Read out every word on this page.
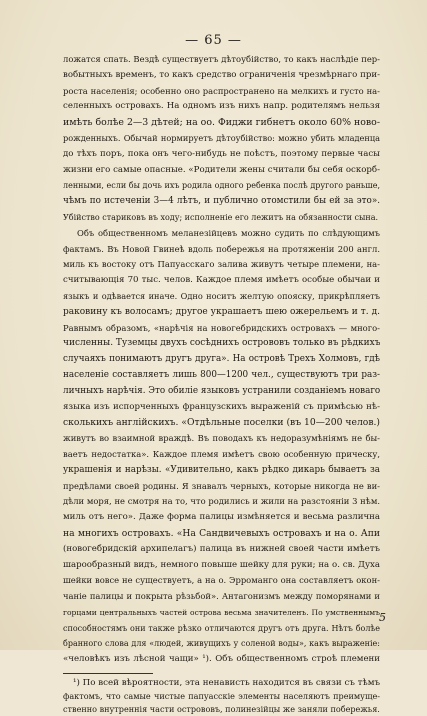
— 65 —
ложатся спать. Вездѣ существуетъ дѣтоубійство, то какъ наслѣдіе пер-
вобытныхъ временъ, то какъ средство ограниченія чрезмѣрнаго при-
роста населенія; особенно оно распространено на мелкихъ и густо на-
селенныхъ островахъ. На одномъ изъ нихъ напр. родителямъ нельзя
имѣть болѣе 2—3 дѣтей; на оо. Фиджи гибнетъ около 60% ново-
рожденныхъ. Обычай нормируетъ дѣтоубійство: можно убить младенца
до тѣхъ поръ, пока онъ чего-нибудь не поѣстъ, поэтому первые часы
жизни его самые опасные. «Родители жены считали бы себя оскорб-
ленными, если бы дочь ихъ родила одного ребенка послѣ другого раньше,
чѣмъ по истеченіи 3—4 лѣтъ, и публично отомстили бы ей за это».
Убійство стариковъ въ ходу; исполненіе его лежитъ на обязанности сына.
Объ общественномъ меланезійцевъ можно судить по слѣдующимъ
фактамъ. Въ Новой Гвинеѣ вдоль побережья на протяженіи 200 англ.
миль къ востоку отъ Папуасскаго залива живутъ четыре племени, на-
считывающія 70 тыс. челов. Каждое племя имѣетъ особые обычаи и
языкъ и одѣвается иначе. Одно носитъ желтую опояску, прикрѣпляетъ
раковину къ волосамъ; другое украшаетъ шею ожерельемъ и т. д.
Равнымъ образомъ, «нарѣчія на новогебридскихъ островахъ — много-
численны. Туземцы двухъ сосѣднихъ острововъ только въ рѣдкихъ
случаяхъ понимаютъ другъ друга». На островѣ Трехъ Холмовъ, гдѣ
населеніе составляетъ лишь 800—1200 чел., существуютъ три раз-
личныхъ нарѣчія. Это обиліе языковъ устранили созданіемъ новаго
языка изъ испорченныхъ французскихъ выраженій съ примѣсью нѣ-
сколькихъ англійскихъ. «Отдѣльные поселки (въ 10—200 челов.)
живутъ во взаимной враждѣ. Въ поводахъ къ недоразумѣніямъ не бы-
ваетъ недостатка». Каждое племя имѣетъ свою особенную прическу,
украшенія и нарѣзы. «Удивительно, какъ рѣдко дикарь бываетъ за
предѣлами своей родины. Я знавалъ черныхъ, которые никогда не ви-
дѣли моря, не смотря на то, что родились и жили на разстояніи 3 нѣм.
миль отъ него». Даже форма палицы измѣняется и весьма различна
на многихъ островахъ. «На Сандвичевыхъ островахъ и на о. Апи
(новогебридскій архипелагъ) палица въ нижней своей части имѣетъ
шарообразный видъ, немного повыше шейку для руки; на о. св. Духа
шейки вовсе не существуетъ, а на о. Эрроманго она составляетъ окон-
чаніе палицы и покрыта рѣзьбой». Антагонизмъ между поморянами и
горцами центральныхъ частей острова весьма значителенъ. По умственнымъ
способностямъ они также рѣзко отличаются другъ отъ друга. Нѣтъ болѣе
бранного слова для «людей, живущихъ у соленой воды», какъ выраженіе:
«человѣкъ изъ лѣсной чащи» ¹). Объ общественномъ строѣ племени
¹) По всей вѣроятности, эта ненависть находится въ связи съ тѣмъ
фактомъ, что самые чистые папуасскіе элементы населяютъ преимуще-
ственно внутреннія части острововъ, полинезійцы же заняли побережья.
5
